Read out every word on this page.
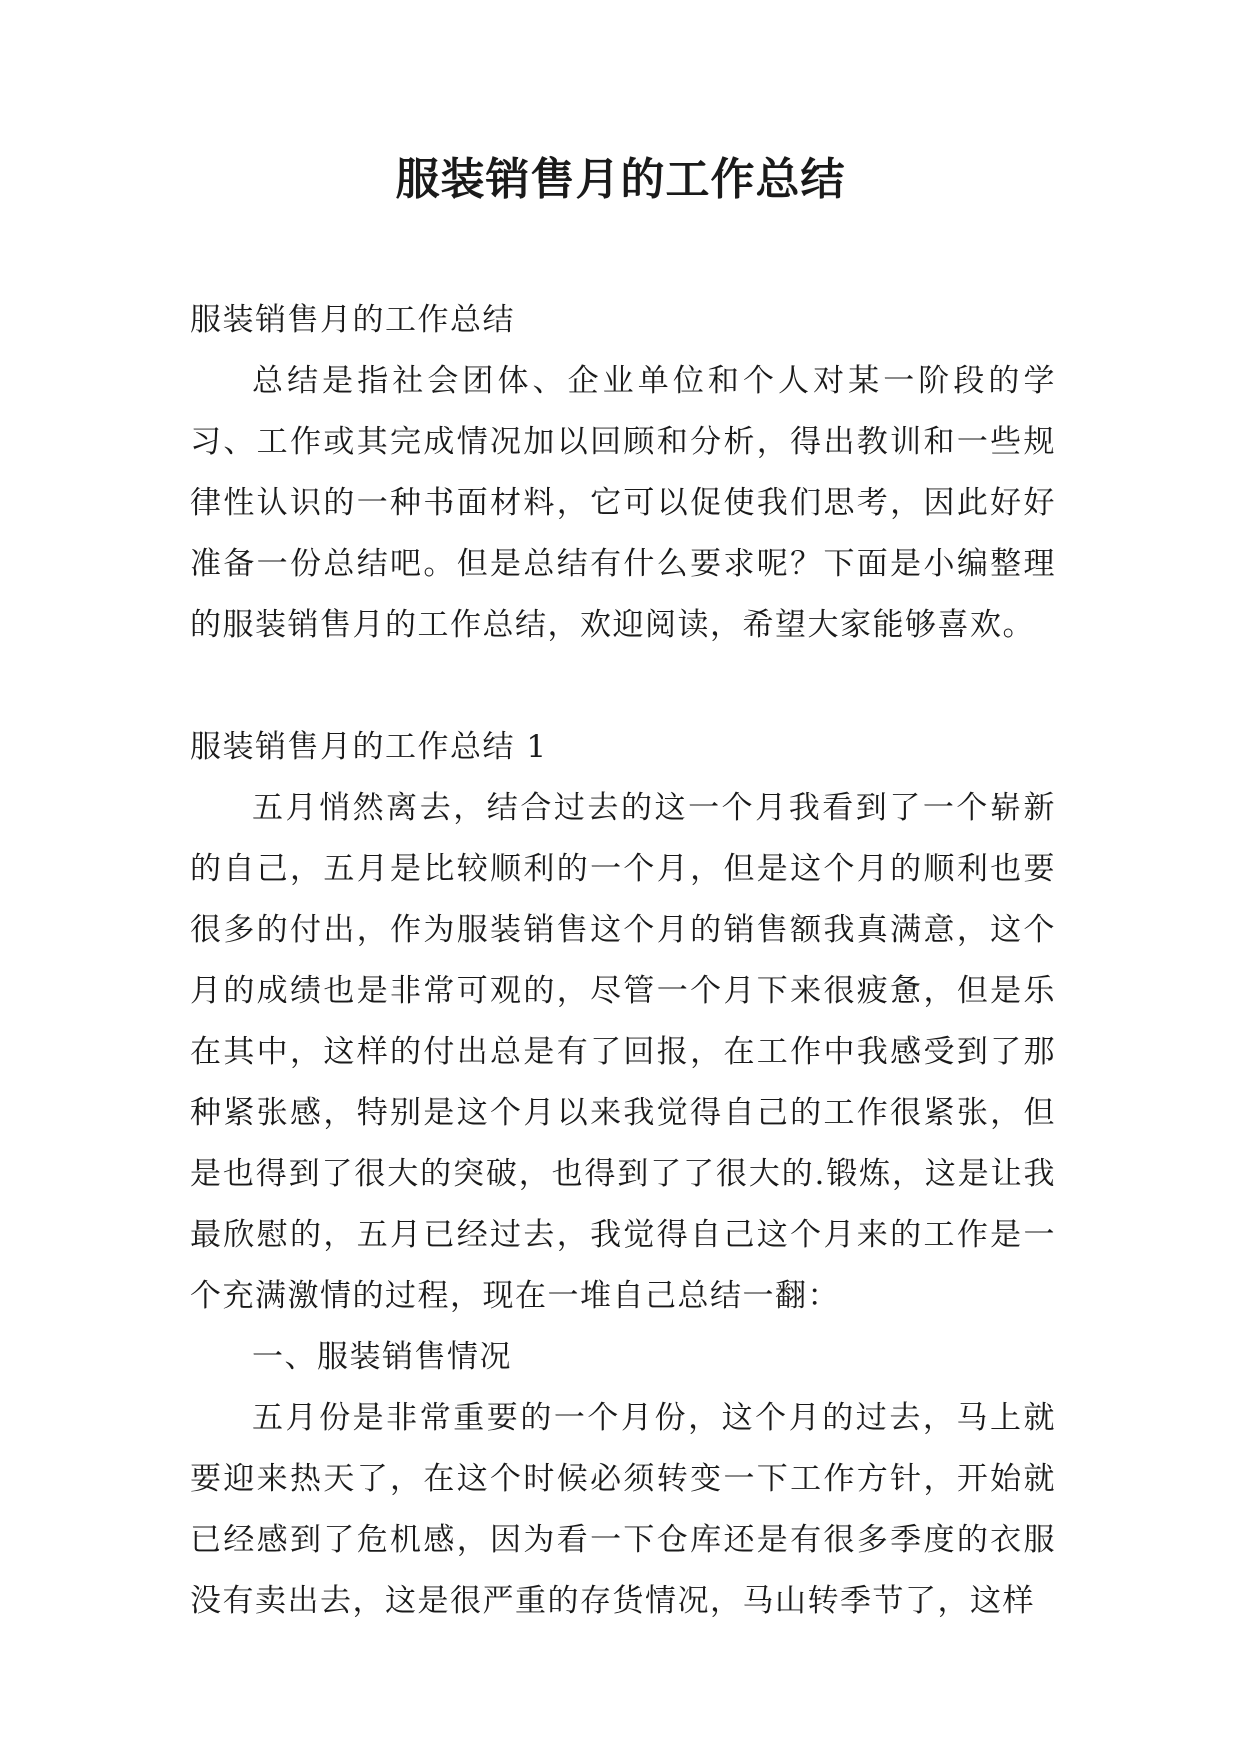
服装销售月的工作总结

服装销售月的工作总结

总结是指社会团体、企业单位和个人对某一阶段的学习、工作或其完成情况加以回顾和分析，得出教训和一些规律性认识的一种书面材料，它可以促使我们思考，因此好好准备一份总结吧。但是总结有什么要求呢？下面是小编整理的服装销售月的工作总结，欢迎阅读，希望大家能够喜欢。

服装销售月的工作总结 1

五月悄然离去，结合过去的这一个月我看到了一个崭新的自己，五月是比较顺利的一个月，但是这个月的顺利也要很多的付出，作为服装销售这个月的销售额我真满意，这个月的成绩也是非常可观的，尽管一个月下来很疲惫，但是乐在其中，这样的付出总是有了回报，在工作中我感受到了那种紧张感，特别是这个月以来我觉得自己的工作很紧张，但是也得到了很大的突破，也得到了了很大的.锻炼，这是让我最欣慰的，五月已经过去，我觉得自己这个月来的工作是一个充满激情的过程，现在一堆自己总结一翻：

一、服装销售情况

五月份是非常重要的一个月份，这个月的过去，马上就要迎来热天了，在这个时候必须转变一下工作方针，开始就已经感到了危机感，因为看一下仓库还是有很多季度的衣服没有卖出去，这是很严重的存货情况，马山转季节了，这样
